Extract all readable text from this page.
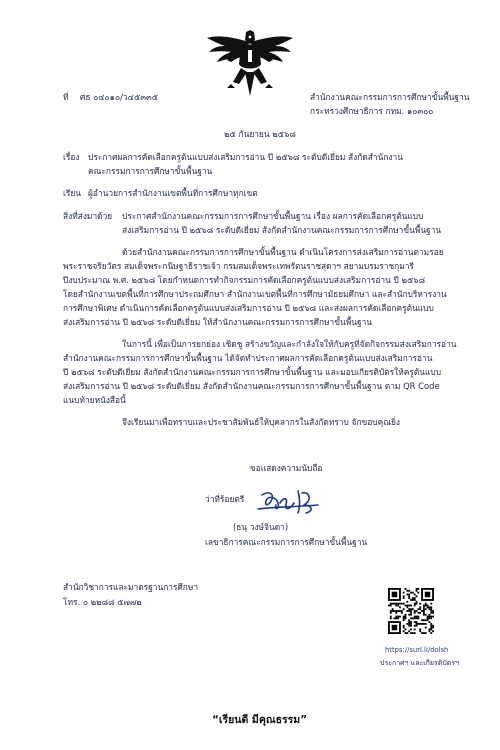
ที่ ศธ ๐๔๐๑๐/ว๔๕๓๓๕	สำนักงานคณะกรรมการการศึกษาขั้นพื้นฐาน
กระทรวงศึกษาธิการ กทม. ๑๐๓๐๐
๒๕ กันยายน ๒๕๖๘
เรื่อง ประกาศผลการคัดเลือกครูต้นแบบส่งเสริมการอ่าน ปี ๒๕๖๘ ระดับดีเยี่ยม สังกัดสำนักงาน
คณะกรรมการการศึกษาขั้นพื้นฐาน
เรียน ผู้อำนวยการสำนักงานเขตพื้นที่การศึกษาทุกเขต
สิ่งที่ส่งมาด้วย ประกาศสำนักงานคณะกรรมการการศึกษาขั้นพื้นฐาน เรื่อง ผลการคัดเลือกครูต้นแบบ
ส่งเสริมการอ่าน ปี ๒๕๖๘ ระดับดีเยี่ยม สังกัดสำนักงานคณะกรรมการการศึกษาขั้นพื้นฐาน
ด้วยสำนักงานคณะกรรมการการศึกษาขั้นพื้นฐาน ดำเนินโครงการส่งเสริมการอ่านตามรอย
พระราชจริยวัตร สมเด็จพระกนิษฐาธิราชเจ้า กรมสมเด็จพระเทพรัตนราชสุดาฯ สยามบรมราชกุมารี
ปีงบประมาณ พ.ศ. ๒๕๖๘ โดยกำหนดการทำกิจกรรมการคัดเลือกครูต้นแบบส่งเสริมการอ่าน ปี ๒๕๖๘
โดยสำนักงานเขตพื้นที่การศึกษาประถมศึกษา สำนักงานเขตพื้นที่การศึกษามัธยมศึกษา และสำนักบริหารงาน
การศึกษาพิเศษ ดำเนินการคัดเลือกครูต้นแบบส่งเสริมการอ่าน ปี ๒๕๖๘ และส่งผลการคัดเลือกครูต้นแบบ
ส่งเสริมการอ่าน ปี ๒๕๖๘ ระดับดีเยี่ยม ให้สำนักงานคณะกรรมการการศึกษาขั้นพื้นฐาน
ในการนี้ เพื่อเป็นการยกย่อง เชิดชู สร้างขวัญและกำลังใจให้กับครูที่จัดกิจกรรมส่งเสริมการอ่าน
สำนักงานคณะกรรมการการศึกษาขั้นพื้นฐาน ได้จัดทำประกาศผลการคัดเลือกครูต้นแบบส่งเสริมการอ่าน
ปี ๒๕๖๘ ระดับดีเยี่ยม สังกัดสำนักงานคณะกรรมการการศึกษาขั้นพื้นฐาน และมอบเกียรติบัตรให้ครูต้นแบบ
ส่งเสริมการอ่าน ปี ๒๕๖๘ ระดับดีเยี่ยม สังกัดสำนักงานคณะกรรมการการศึกษาขั้นพื้นฐาน ตาม QR Code
แนบท้ายหนังสือนี้
จึงเรียนมาเพื่อทราบและประชาสัมพันธ์ให้บุคลากรในสังกัดทราบ จักขอบคุณยิ่ง
ขอแสดงความนับถือ
ว่าที่ร้อยตรี
(ธนุ วงษ์จินดา)
เลขาธิการคณะกรรมการการศึกษาขั้นพื้นฐาน
สำนักวิชาการและมาตรฐานการศึกษา
โทร. ๐ ๒๒๘๘ ๕๗๗๒
https://surl.li/dolsh
ประกาศฯ และเกียรติบัตรฯ
“เรียนดี มีคุณธรรม”
